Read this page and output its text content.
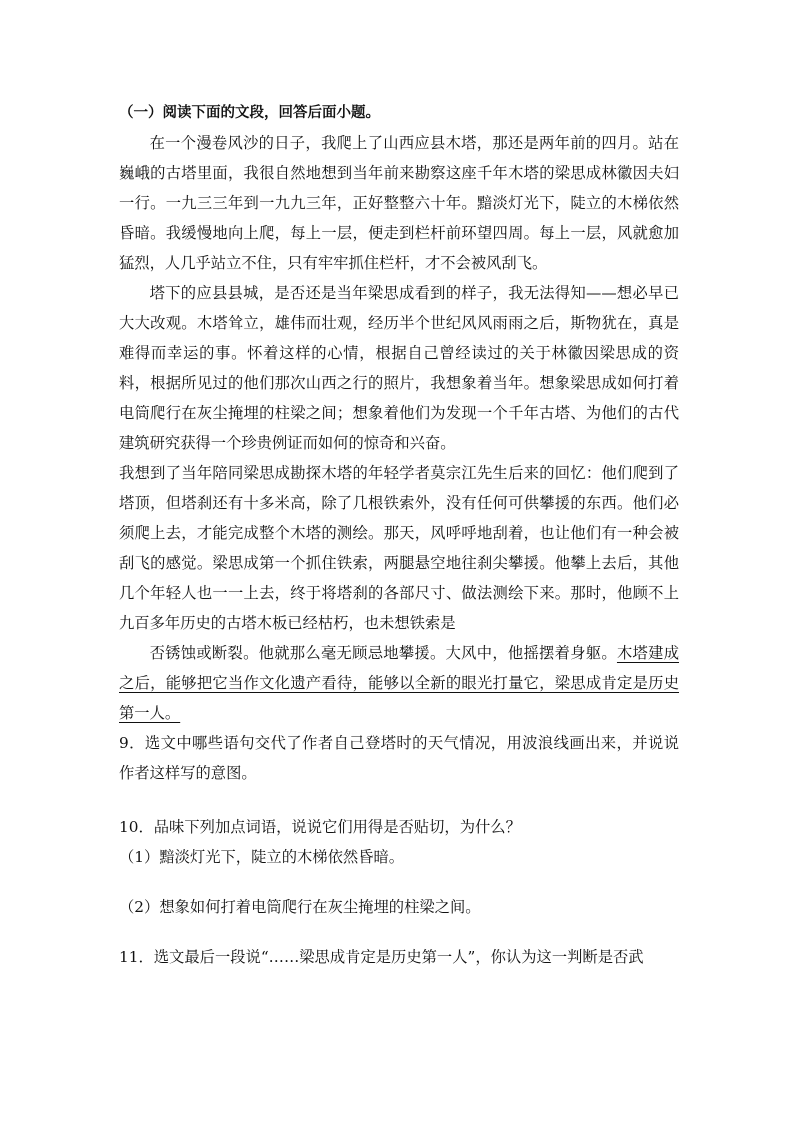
（一）阅读下面的文段，回答后面小题。

在一个漫卷风沙的日子，我爬上了山西应县木塔，那还是两年前的四月。站在巍峨的古塔里面，我很自然地想到当年前来勘察这座千年木塔的梁思成林徽因夫妇一行。一九三三年到一九九三年，正好整整六十年。黯淡灯光下，陡立的木梯依然昏暗。我缓慢地向上爬，每上一层，便走到栏杆前环望四周。每上一层，风就愈加猛烈，人几乎站立不住，只有牢牢抓住栏杆，才不会被风刮飞。

塔下的应县县城，是否还是当年梁思成看到的样子，我无法得知——想必早已大大改观。木塔耸立，雄伟而壮观，经历半个世纪风风雨雨之后，斯物犹在，真是难得而幸运的事。怀着这样的心情，根据自己曾经读过的关于林徽因梁思成的资料，根据所见过的他们那次山西之行的照片，我想象着当年。想象梁思成如何打着电筒爬行在灰尘掩埋的柱梁之间；想象着他们为发现一个千年古塔、为他们的古代建筑研究获得一个珍贵例证而如何的惊奇和兴奋。

我想到了当年陪同梁思成勘探木塔的年轻学者莫宗江先生后来的回忆：他们爬到了塔顶，但塔刹还有十多米高，除了几根铁索外，没有任何可供攀援的东西。他们必须爬上去，才能完成整个木塔的测绘。那天，风呼呼地刮着，也让他们有一种会被刮飞的感觉。梁思成第一个抓住铁索，两腿悬空地往刹尖攀援。他攀上去后，其他几个年轻人也一一上去，终于将塔刹的各部尺寸、做法测绘下来。那时，他顾不上九百多年历史的古塔木板已经枯朽，也未想铁索是

否锈蚀或断裂。他就那么毫无顾忌地攀援。大风中，他摇摆着身躯。木塔建成之后，能够把它当作文化遗产看待，能够以全新的眼光打量它，梁思成肯定是历史第一人。

9．选文中哪些语句交代了作者自己登塔时的天气情况，用波浪线画出来，并说说作者这样写的意图。

10．品味下列加点词语，说说它们用得是否贴切，为什么？

（1）黯淡灯光下，陡立的木梯依然昏暗。

（2）想象如何打着电筒爬行在灰尘掩埋的柱梁之间。

11．选文最后一段说“……梁思成肯定是历史第一人”，你认为这一判断是否武
